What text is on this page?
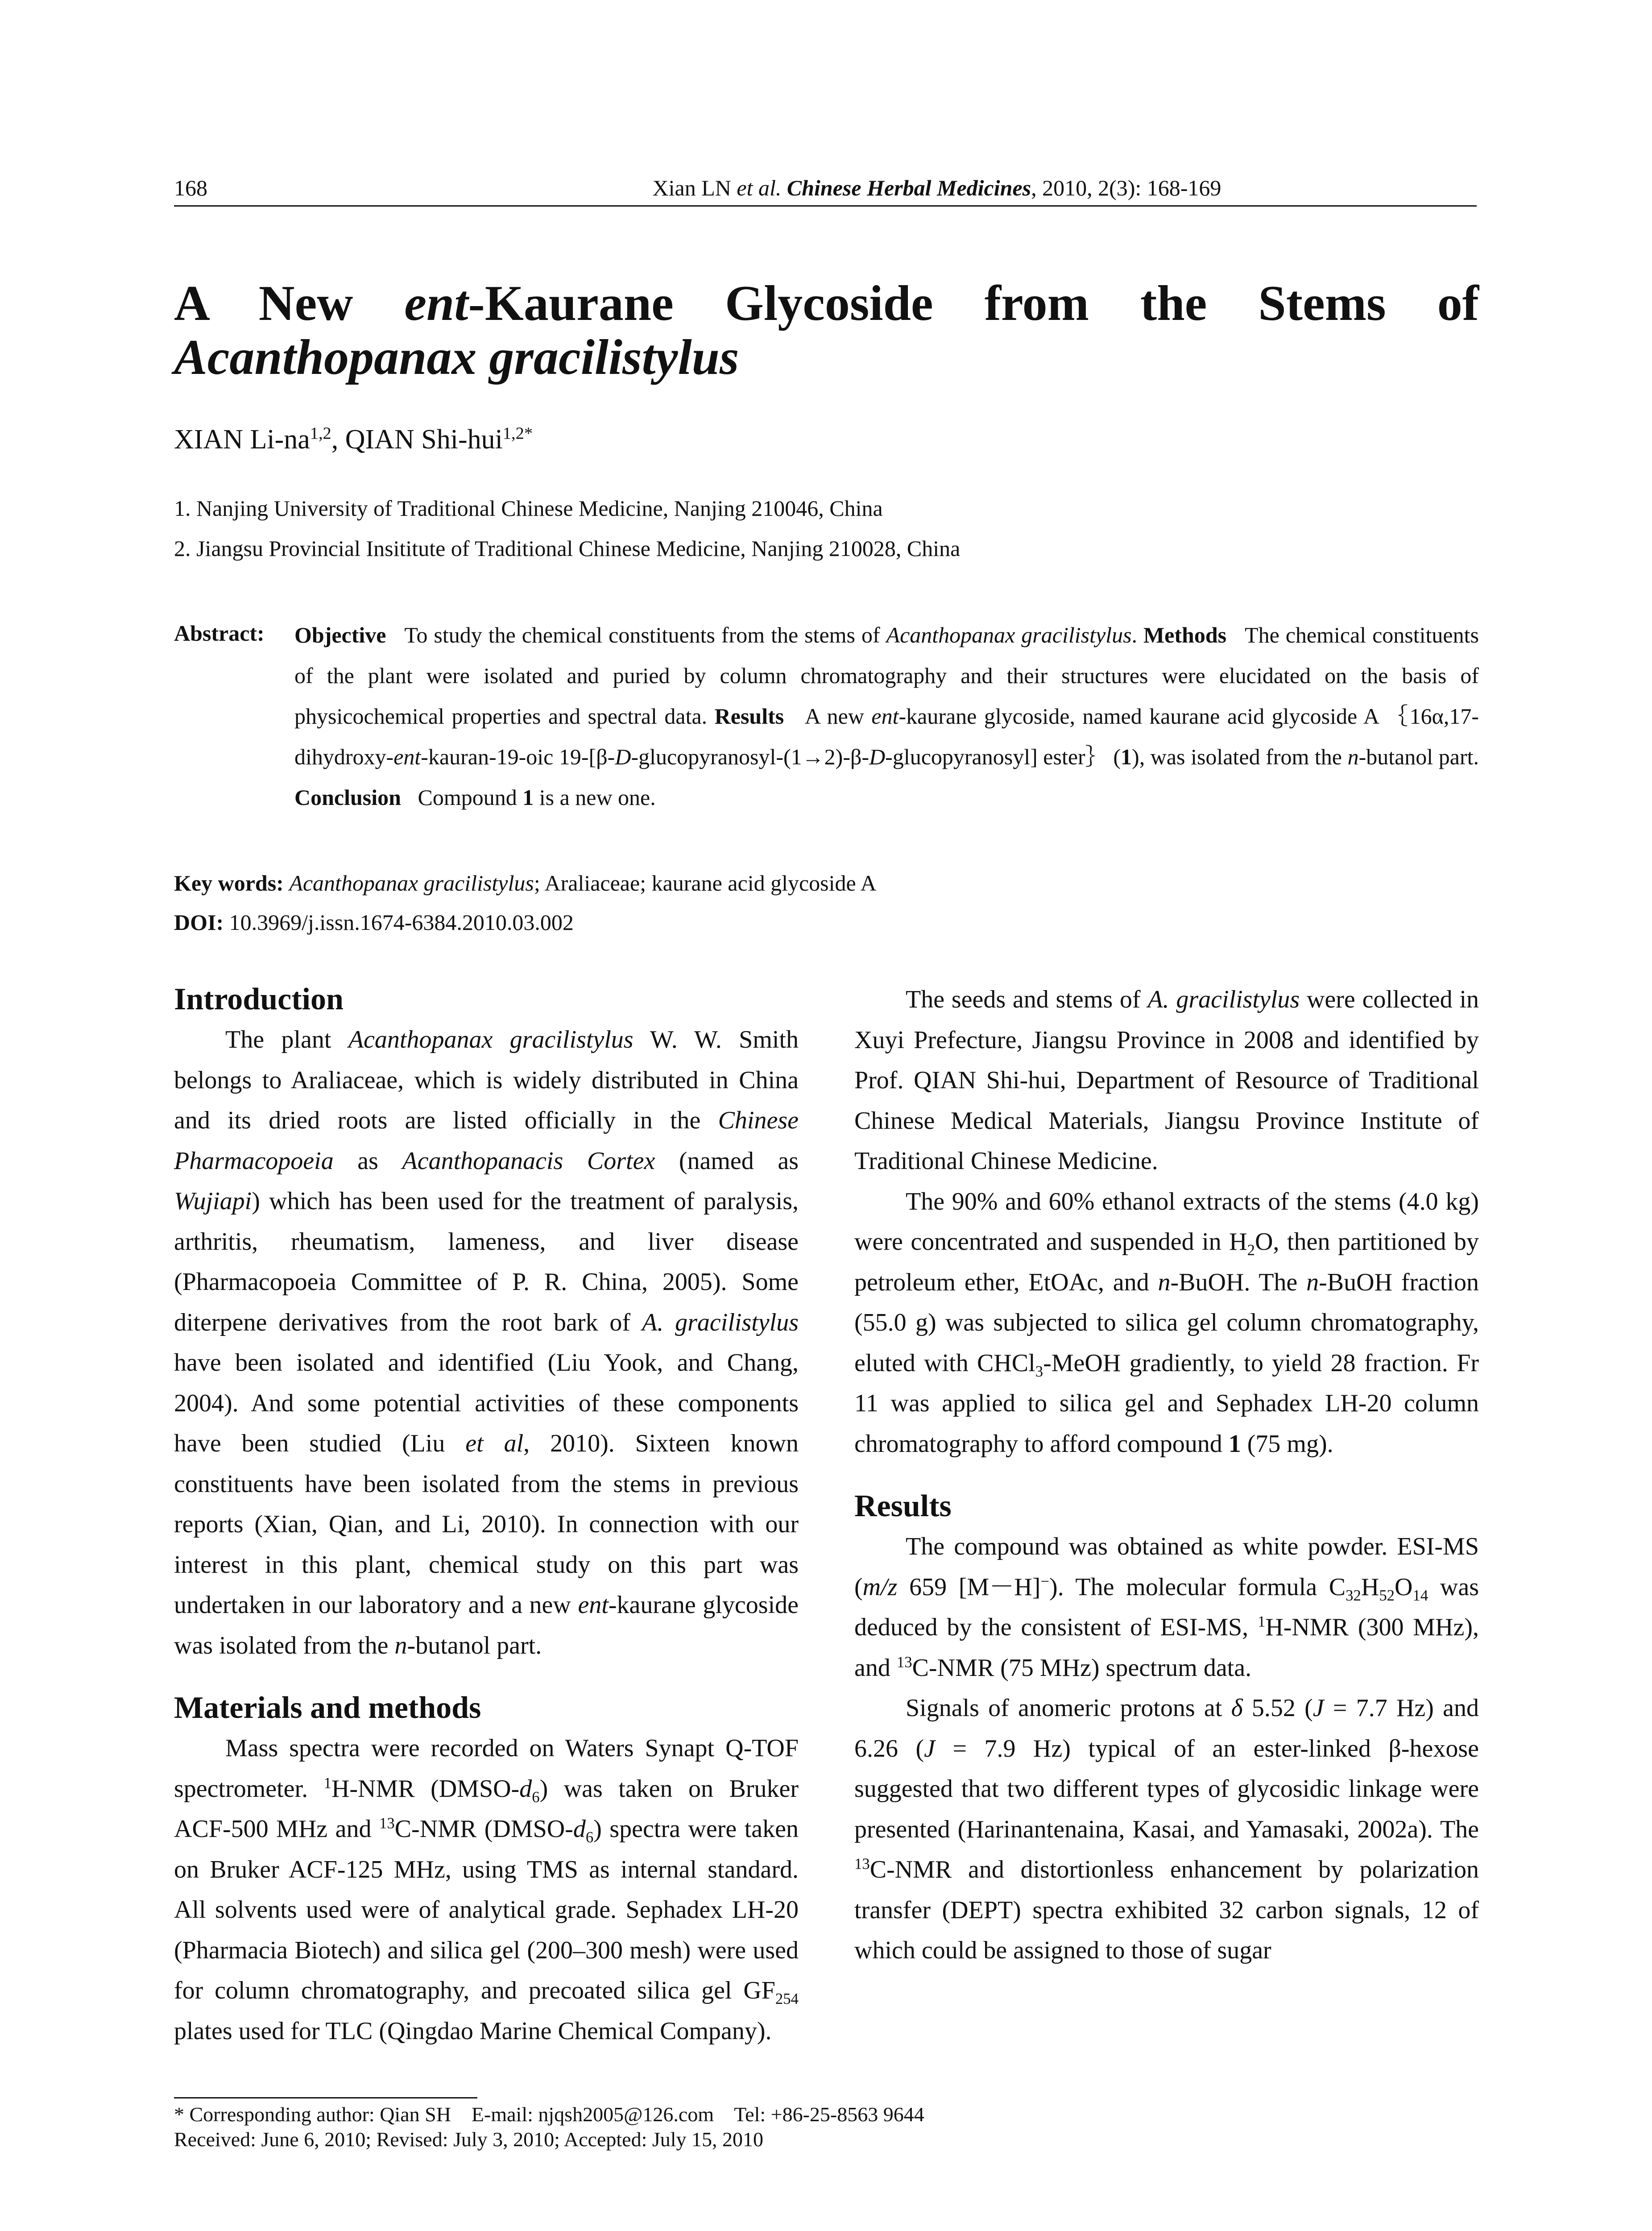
168	Xian LN et al. Chinese Herbal Medicines, 2010, 2(3): 168-169
A New ent-Kaurane Glycoside from the Stems of Acanthopanax gracilistylus
XIAN Li-na$^{1,2}$, QIAN Shi-hui$^{1,2*}$
1. Nanjing University of Traditional Chinese Medicine, Nanjing 210046, China
2. Jiangsu Provincial Insititute of Traditional Chinese Medicine, Nanjing 210028, China
Abstract: Objective To study the chemical constituents from the stems of Acanthopanax gracilistylus. Methods The chemical constituents of the plant were isolated and puried by column chromatography and their structures were elucidated on the basis of physicochemical properties and spectral data. Results A new ent-kaurane glycoside, named kaurane acid glycoside A ｛16α,17-dihydroxy-ent-kauran-19-oic 19-[β-D-glucopyranosyl-(1→2)-β-D-glucopyranosyl] ester｝ (1), was isolated from the n-butanol part. Conclusion Compound 1 is a new one.
Key words: Acanthopanax gracilistylus; Araliaceae; kaurane acid glycoside A
DOI: 10.3969/j.issn.1674-6384.2010.03.002
Introduction

The plant Acanthopanax gracilistylus W. W. Smith belongs to Araliaceae, which is widely distributed in China and its dried roots are listed officially in the Chinese Pharmacopoeia as Acanthopanacis Cortex (named as Wujiapi) which has been used for the treatment of paralysis, arthritis, rheumatism, lameness, and liver disease (Pharmacopoeia Committee of P. R. China, 2005). Some diterpene derivatives from the root bark of A. gracilistylus have been isolated and identified (Liu Yook, and Chang, 2004). And some potential activities of these components have been studied (Liu et al, 2010). Sixteen known constituents have been isolated from the stems in previous reports (Xian, Qian, and Li, 2010). In connection with our interest in this plant, chemical study on this part was undertaken in our laboratory and a new ent-kaurane glycoside was isolated from the n-butanol part.

Materials and methods

Mass spectra were recorded on Waters Synapt Q-TOF spectrometer. $^1$H-NMR $(DMSO-d_6)$ was taken on Bruker ACF-500 MHz and $^{13}$C-NMR $(DMSO-d_6)$ spectra were taken on Bruker ACF-125 MHz, using TMS as internal standard. All solvents used were of analytical grade. Sephadex LH-20 (Pharmacia Biotech) and silica gel (200–300 mesh) were used for column chromatography, and precoated silica gel $GF_{254}$ plates used for TLC (Qingdao Marine Chemical Company).

The seeds and stems of A. gracilistylus were collected in Xuyi Prefecture, Jiangsu Province in 2008 and identified by Prof. QIAN Shi-hui, Department of Resource of Traditional Chinese Medical Materials, Jiangsu Province Institute of Traditional Chinese Medicine.

The 90% and 60% ethanol extracts of the stems (4.0 kg) were concentrated and suspended in $H_2O$, then partitioned by petroleum ether, EtOAc, and n-BuOH. The n-BuOH fraction (55.0 g) was subjected to silica gel column chromatography, eluted with CHCl$_3$-MeOH gradiently, to yield 28 fraction. Fr 11 was applied to silica gel and Sephadex LH-20 column chromatography to afford compound 1 (75 mg).

Results

The compound was obtained as white powder. ESI-MS (m/z 659 [M－H]−). The molecular formula $C_{32}H_{52}O_{14}$ was deduced by the consistent of ESI-MS, $^1$H-NMR (300 MHz), and $^{13}$C-NMR (75 MHz) spectrum data.

Signals of anomeric protons at δ 5.52 (J = 7.7 Hz) and 6.26 (J = 7.9 Hz) typical of an ester-linked β-hexose suggested that two different types of glycosidic linkage were presented (Harinantenaina, Kasai, and Yamasaki, 2002a). The $^{13}$C-NMR and distortionless enhancement by polarization transfer (DEPT) spectra exhibited 32 carbon signals, 12 of which could be assigned to those of sugar

* Corresponding author: Qian SH    E-mail: njqsh2005@126.com    Tel: +86-25-8563 9644
Received: June 6, 2010; Revised: July 3, 2010; Accepted: July 15, 2010
